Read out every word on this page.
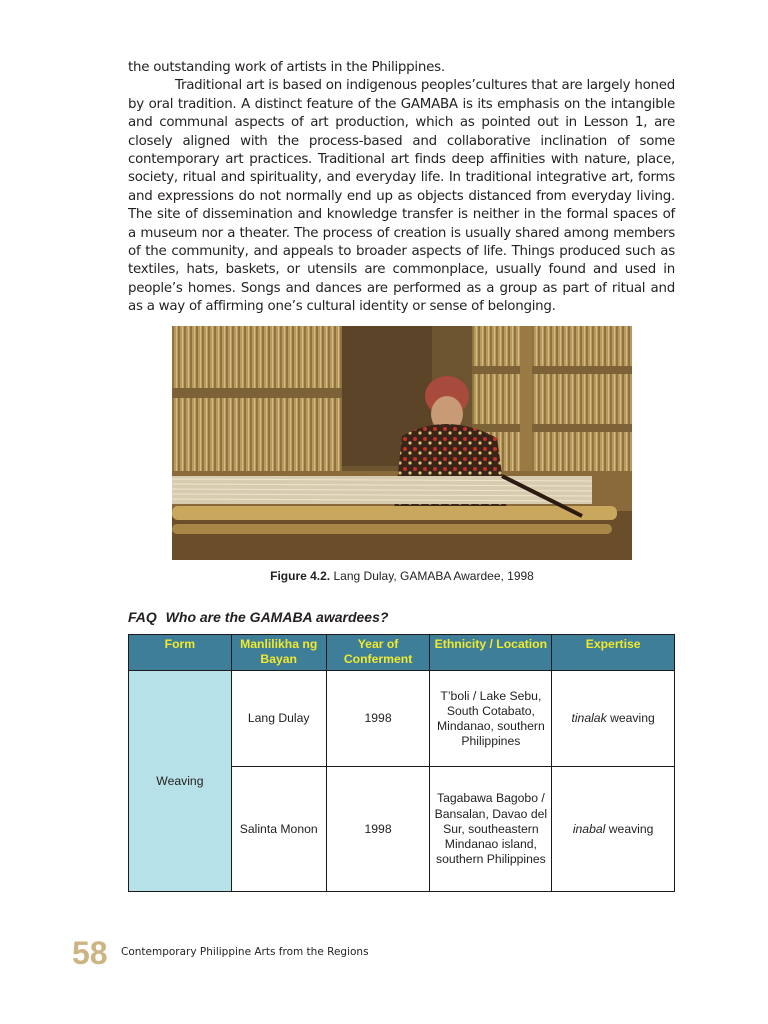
the outstanding work of artists in the Philippines.

Traditional art is based on indigenous peoples’cultures that are largely honed by oral tradition. A distinct feature of the GAMABA is its emphasis on the intangible and communal aspects of art production, which as pointed out in Lesson 1, are closely aligned with the process-based and collaborative inclination of some contemporary art practices. Traditional art finds deep affinities with nature, place, society, ritual and spirituality, and everyday life. In traditional integrative art, forms and expressions do not normally end up as objects distanced from everyday living. The site of dissemination and knowledge transfer is neither in the formal spaces of a museum nor a theater. The process of creation is usually shared among members of the community, and appeals to broader aspects of life. Things produced such as textiles, hats, baskets, or utensils are commonplace, usually found and used in people’s homes. Songs and dances are performed as a group as part of ritual and as a way of affirming one’s cultural identity or sense of belonging.

Figure 4.2. Lang Dulay, GAMABA Awardee, 1998
FAQ Who are the GAMABA awardees?
Form	Manlilikha ng Bayan	Year of Conferment	Ethnicity / Location	Expertise
Weaving	Lang Dulay	1998	T’boli / Lake Sebu, South Cotabato, Mindanao, southern Philippines	tinalak weaving
	Salinta Monon	1998	Tagabawa Bagobo / Bansalan, Davao del Sur, southeastern Mindanao island, southern Philippines	inabal weaving
58 Contemporary Philippine Arts from the Regions
